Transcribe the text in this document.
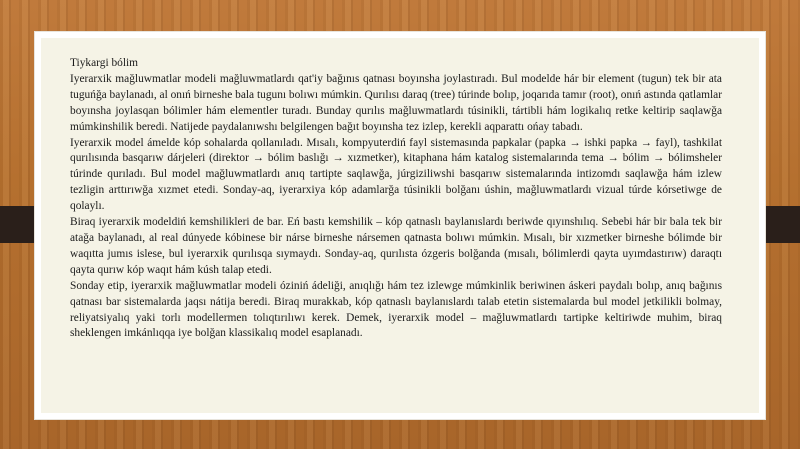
Tiykargi bólim

Iyerarxik mağluwmatlar modeli mağluwmatlardı qat'iy bağınıs qatnası boyınsha joylastıradı. Bul modelde hár bir element (tugun) tek bir ata tuguńğa baylanadı, al onıń birneshe bala tugunı bolıwı múmkin. Qurılısı daraq (tree) túrinde bolıp, joqarıda tamır (root), onıń astında qatlamlar boyınsha joylasqan bólimler hám elementler turadı. Bunday qurılıs mağluwmatlardı túsinikli, tártibli hám logikalıq retke keltirip saqlawğa múmkinshilik beredi. Natijede paydalanıwshı belgilengen bağıt boyınsha tez izlep, kerekli aqparattı ońay tabadı.

Iyerarxik model ámelde kóp sohalarda qollanıladı. Mısalı, kompyuterdiń fayl sistemasında papkalar (papka → ishki papka → fayl), tashkilat qurılısında basqarıw dárjeleri (direktor → bólim baslığı → xızmetker), kitaphana hám katalog sistemalarında tema → bólim → bólimsheler túrinde qurıladı. Bul model mağluwmatlardı anıq tartipte saqlawğa, júrgiziliwshi basqarıw sistemalarında intizomdı saqlawğa hám izlew tezligin arttırıwğa xızmet etedi. Sonday-aq, iyerarxiya kóp adamlarğa túsinikli bolğanı úshin, mağluwmatlardı vizual túrde kórsetiwge de qolaylı.

Biraq iyerarxik modeldiń kemshilikleri de bar. Eń bastı kemshilik – kóp qatnaslı baylanıslardı beriwde qıyınshılıq. Sebebi hár bir bala tek bir atağa baylanadı, al real dúnyede kóbinese bir nárse birneshe nársemen qatnasta bolıwı múmkin. Mısalı, bir xızmetker birneshe bólimde bir waqıtta jumıs islese, bul iyerarxik qurılısqa sıymaydı. Sonday-aq, qurılısta ózgeris bolğanda (mısalı, bólimlerdi qayta uyımdastırıw) daraqtı qayta qurıw kóp waqıt hám kúsh talap etedi.

Sonday etip, iyerarxik mağluwmatlar modeli óziniń ádeliği, anıqlığı hám tez izlewge múmkinlik beriwinen áskeri paydalı bolıp, anıq bağınıs qatnası bar sistemalarda jaqsı nátija beredi. Biraq murakkab, kóp qatnaslı baylanıslardı talab etetin sistemalarda bul model jetkilikli bolmay, reliyatsiyalıq yaki torlı modellermen tolıqtırılıwı kerek. Demek, iyerarxik model – mağluwmatlardı tartipke keltiriwde muhim, biraq sheklengen imkánlıqqa iye bolğan klassikalıq model esaplanadı.
